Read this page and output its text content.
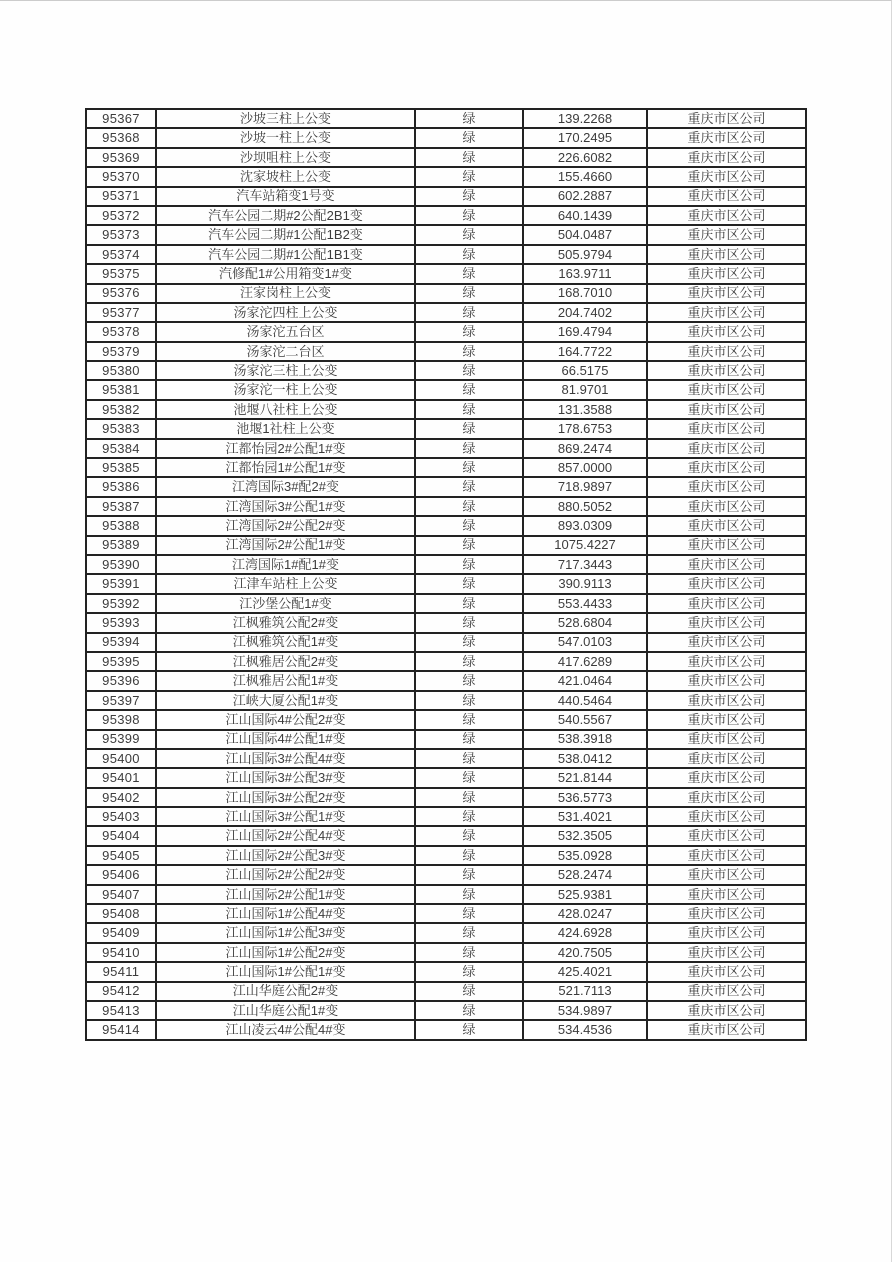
95367	沙坡三柱上公变	绿	139.2268	重庆市区公司
95368	沙坡一柱上公变	绿	170.2495	重庆市区公司
95369	沙坝咀柱上公变	绿	226.6082	重庆市区公司
95370	沈家坡柱上公变	绿	155.4660	重庆市区公司
95371	汽车站箱变1号变	绿	602.2887	重庆市区公司
95372	汽车公园二期#2公配2B1变	绿	640.1439	重庆市区公司
95373	汽车公园二期#1公配1B2变	绿	504.0487	重庆市区公司
95374	汽车公园二期#1公配1B1变	绿	505.9794	重庆市区公司
95375	汽修配1#公用箱变1#变	绿	163.9711	重庆市区公司
95376	汪家岗柱上公变	绿	168.7010	重庆市区公司
95377	汤家沱四柱上公变	绿	204.7402	重庆市区公司
95378	汤家沱五台区	绿	169.4794	重庆市区公司
95379	汤家沱二台区	绿	164.7722	重庆市区公司
95380	汤家沱三柱上公变	绿	66.5175	重庆市区公司
95381	汤家沱一柱上公变	绿	81.9701	重庆市区公司
95382	池堰八社柱上公变	绿	131.3588	重庆市区公司
95383	池堰1社柱上公变	绿	178.6753	重庆市区公司
95384	江都怡园2#公配1#变	绿	869.2474	重庆市区公司
95385	江都怡园1#公配1#变	绿	857.0000	重庆市区公司
95386	江湾国际3#配2#变	绿	718.9897	重庆市区公司
95387	江湾国际3#公配1#变	绿	880.5052	重庆市区公司
95388	江湾国际2#公配2#变	绿	893.0309	重庆市区公司
95389	江湾国际2#公配1#变	绿	1075.4227	重庆市区公司
95390	江湾国际1#配1#变	绿	717.3443	重庆市区公司
95391	江津车站柱上公变	绿	390.9113	重庆市区公司
95392	江沙堡公配1#变	绿	553.4433	重庆市区公司
95393	江枫雅筑公配2#变	绿	528.6804	重庆市区公司
95394	江枫雅筑公配1#变	绿	547.0103	重庆市区公司
95395	江枫雅居公配2#变	绿	417.6289	重庆市区公司
95396	江枫雅居公配1#变	绿	421.0464	重庆市区公司
95397	江峡大厦公配1#变	绿	440.5464	重庆市区公司
95398	江山国际4#公配2#变	绿	540.5567	重庆市区公司
95399	江山国际4#公配1#变	绿	538.3918	重庆市区公司
95400	江山国际3#公配4#变	绿	538.0412	重庆市区公司
95401	江山国际3#公配3#变	绿	521.8144	重庆市区公司
95402	江山国际3#公配2#变	绿	536.5773	重庆市区公司
95403	江山国际3#公配1#变	绿	531.4021	重庆市区公司
95404	江山国际2#公配4#变	绿	532.3505	重庆市区公司
95405	江山国际2#公配3#变	绿	535.0928	重庆市区公司
95406	江山国际2#公配2#变	绿	528.2474	重庆市区公司
95407	江山国际2#公配1#变	绿	525.9381	重庆市区公司
95408	江山国际1#公配4#变	绿	428.0247	重庆市区公司
95409	江山国际1#公配3#变	绿	424.6928	重庆市区公司
95410	江山国际1#公配2#变	绿	420.7505	重庆市区公司
95411	江山国际1#公配1#变	绿	425.4021	重庆市区公司
95412	江山华庭公配2#变	绿	521.7113	重庆市区公司
95413	江山华庭公配1#变	绿	534.9897	重庆市区公司
95414	江山凌云4#公配4#变	绿	534.4536	重庆市区公司
